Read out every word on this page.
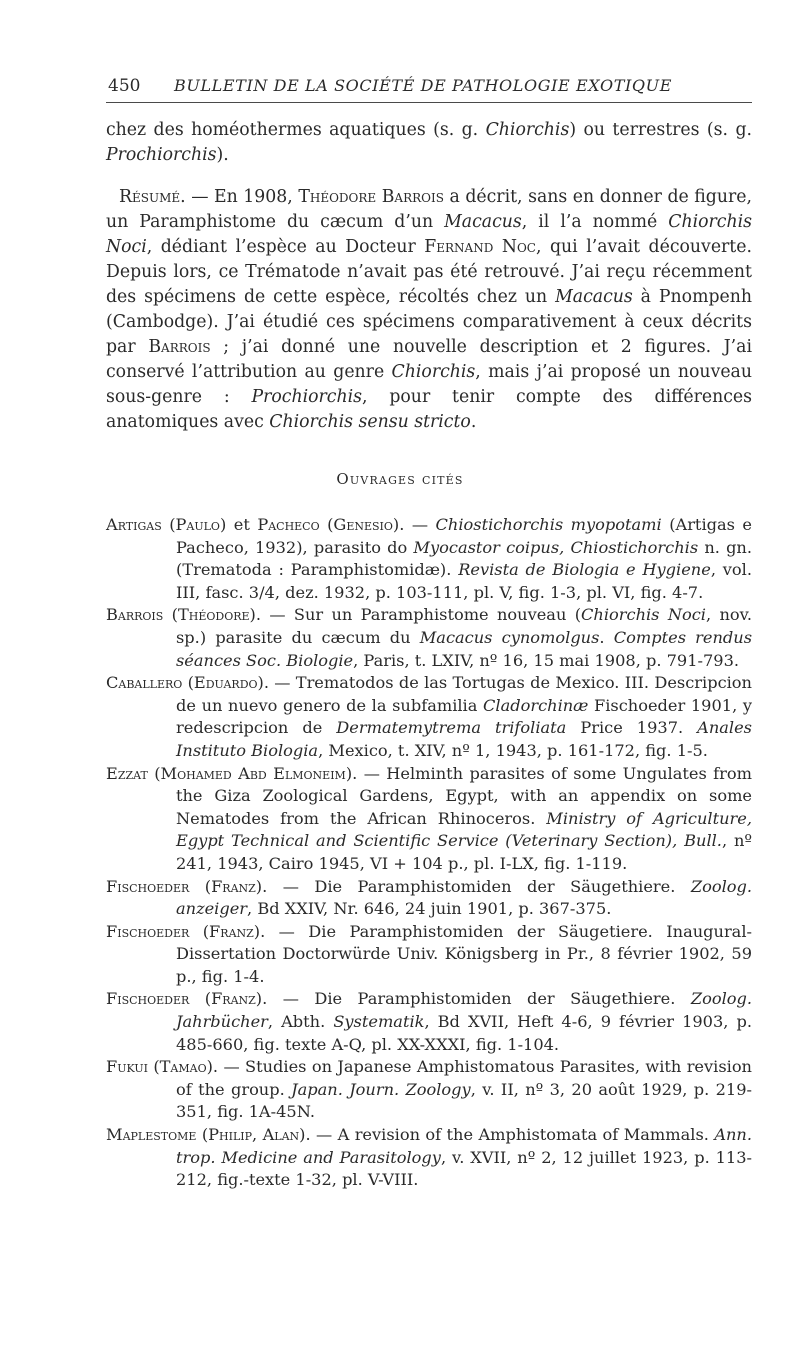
450 BULLETIN DE LA SOCIÉTÉ DE PATHOLOGIE EXOTIQUE

chez des homéothermes aquatiques (s. g. Chiorchis) ou terrestres (s. g. Prochiorchis).

Résumé. — En 1908, Théodore Barrois a décrit, sans en donner de figure, un Paramphistome du cæcum d’un Macacus, il l’a nommé Chiorchis Noci, dédiant l’espèce au Docteur Fernand Noc, qui l’avait découverte. Depuis lors, ce Trématode n’avait pas été retrouvé. J’ai reçu récemment des spécimens de cette espèce, récoltés chez un Macacus à Pnompenh (Cambodge). J’ai étudié ces spécimens comparativement à ceux décrits par Barrois ; j’ai donné une nouvelle description et 2 figures. J’ai conservé l’attribution au genre Chiorchis, mais j’ai proposé un nouveau sous-genre : Prochiorchis, pour tenir compte des différences anatomiques avec Chiorchis sensu stricto.

Ouvrages cités

Artigas (Paulo) et Pacheco (Genesio). — Chiostichorchis myopotami (Artigas e Pacheco, 1932), parasito do Myocastor coipus, Chiostichorchis n. gn. (Trematoda : Paramphistomidæ). Revista de Biologia e Hygiene, vol. III, fasc. 3/4, dez. 1932, p. 103-111, pl. V, fig. 1-3, pl. VI, fig. 4-7.

Barrois (Théodore). — Sur un Paramphistome nouveau (Chiorchis Noci, nov. sp.) parasite du cæcum du Macacus cynomolgus. Comptes rendus séances Soc. Biologie, Paris, t. LXIV, nº 16, 15 mai 1908, p. 791-793.

Caballero (Eduardo). — Trematodos de las Tortugas de Mexico. III. Descripcion de un nuevo genero de la subfamilia Cladorchinæ Fischoeder 1901, y redescripcion de Dermatemytrema trifoliata Price 1937. Anales Instituto Biologia, Mexico, t. XIV, nº 1, 1943, p. 161-172, fig. 1-5.

Ezzat (Mohamed Abd Elmoneim). — Helminth parasites of some Ungulates from the Giza Zoological Gardens, Egypt, with an appendix on some Nematodes from the African Rhinoceros. Ministry of Agriculture, Egypt Technical and Scientific Service (Veterinary Section), Bull., nº 241, 1943, Cairo 1945, VI + 104 p., pl. I-LX, fig. 1-119.

Fischoeder (Franz). — Die Paramphistomiden der Säugethiere. Zoolog. anzeiger, Bd XXIV, Nr. 646, 24 juin 1901, p. 367-375.

Fischoeder (Franz). — Die Paramphistomiden der Säugetiere. Inaugural-Dissertation Doctorwürde Univ. Königsberg in Pr., 8 février 1902, 59 p., fig. 1-4.

Fischoeder (Franz). — Die Paramphistomiden der Säugethiere. Zoolog. Jahrbücher, Abth. Systematik, Bd XVII, Heft 4-6, 9 février 1903, p. 485-660, fig. texte A-Q, pl. XX-XXXI, fig. 1-104.

Fukui (Tamao). — Studies on Japanese Amphistomatous Parasites, with revision of the group. Japan. Journ. Zoology, v. II, nº 3, 20 août 1929, p. 219-351, fig. 1A-45N.

Maplestome (Philip, Alan). — A revision of the Amphistomata of Mammals. Ann. trop. Medicine and Parasitology, v. XVII, nº 2, 12 juillet 1923, p. 113-212, fig.-texte 1-32, pl. V-VIII.
